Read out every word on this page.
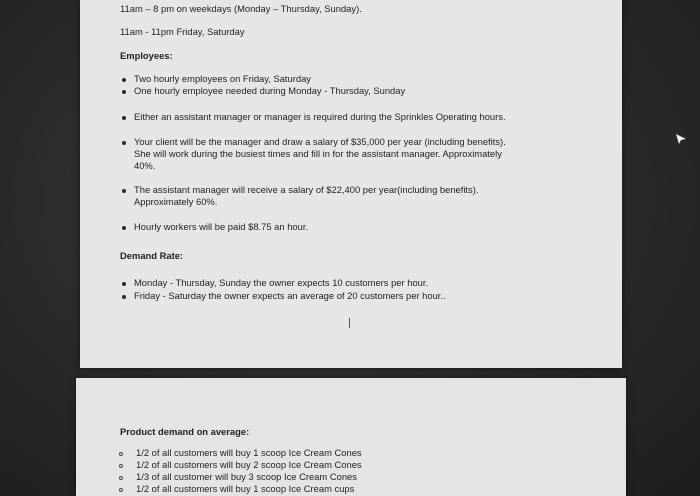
11am – 8 pm on weekdays (Monday – Thursday, Sunday).
11am - 11pm Friday, Saturday
Employees:
Two hourly employees on Friday, Saturday
One hourly employee needed during Monday - Thursday, Sunday
Either an assistant manager or manager is required during the Sprinkles Operating hours.
Your client will be the manager and draw a salary of $35,000 per year (including benefits).
She will work during the busiest times and fill in for the assistant manager. Approximately
40%.
The assistant manager will receive a salary of $22,400 per year(including benefits).
Approximately 60%.
Hourly workers will be paid $8.75 an hour.
Demand Rate:
Monday - Thursday, Sunday the owner expects 10 customers per hour.
Friday - Saturday the owner expects an average of 20 customers per hour..
Product demand on average:
1/2 of all customers will buy 1 scoop Ice Cream Cones
1/2 of all customers will buy 2 scoop Ice Cream Cones
1/3 of all customer will buy 3 scoop Ice Cream Cones
1/2 of all customers will buy 1 scoop Ice Cream cups
